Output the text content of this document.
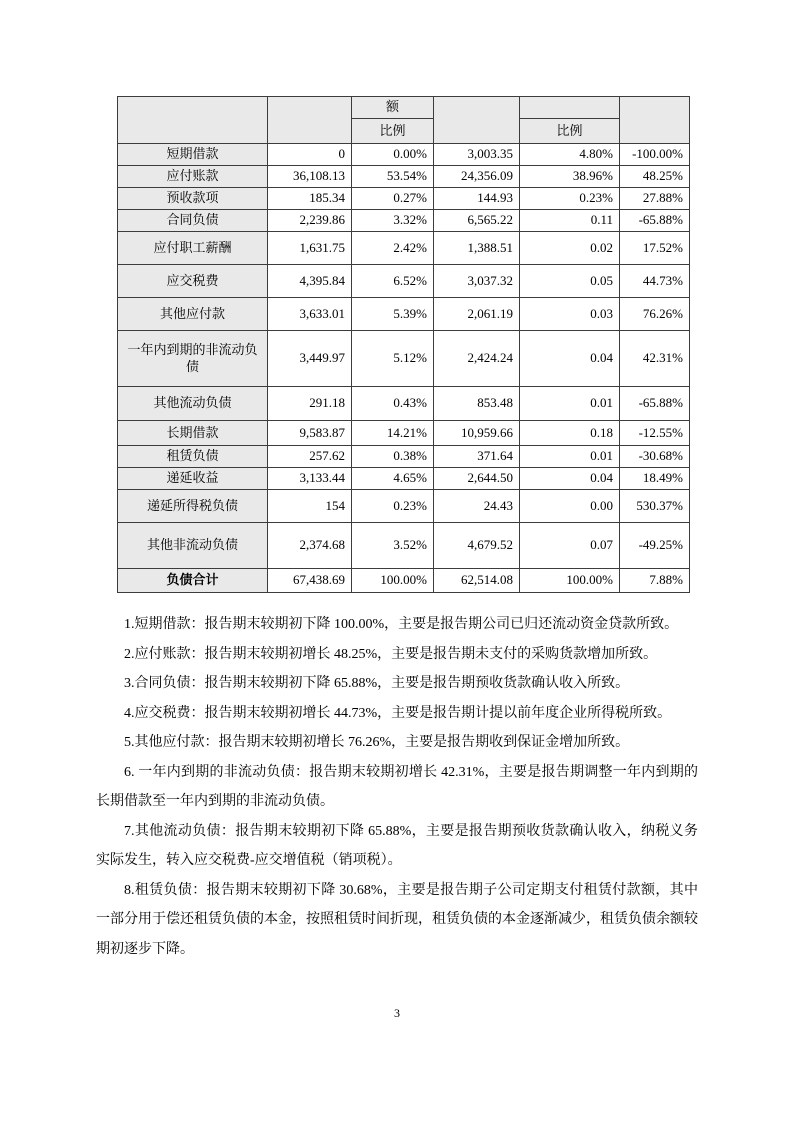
		额			
		比例		比例	
短期借款	0	0.00%	3,003.35	4.80%	-100.00%
应付账款	36,108.13	53.54%	24,356.09	38.96%	48.25%
预收款项	185.34	0.27%	144.93	0.23%	27.88%
合同负债	2,239.86	3.32%	6,565.22	0.11	-65.88%
应付职工薪酬	1,631.75	2.42%	1,388.51	0.02	17.52%
应交税费	4,395.84	6.52%	3,037.32	0.05	44.73%
其他应付款	3,633.01	5.39%	2,061.19	0.03	76.26%
一年内到期的非流动负债	3,449.97	5.12%	2,424.24	0.04	42.31%
其他流动负债	291.18	0.43%	853.48	0.01	-65.88%
长期借款	9,583.87	14.21%	10,959.66	0.18	-12.55%
租赁负债	257.62	0.38%	371.64	0.01	-30.68%
递延收益	3,133.44	4.65%	2,644.50	0.04	18.49%
递延所得税负债	154	0.23%	24.43	0.00	530.37%
其他非流动负债	2,374.68	3.52%	4,679.52	0.07	-49.25%
负债合计	67,438.69	100.00%	62,514.08	100.00%	7.88%

1.短期借款：报告期末较期初下降 100.00%，主要是报告期公司已归还流动资金贷款所致。

2.应付账款：报告期末较期初增长 48.25%，主要是报告期未支付的采购货款增加所致。

3.合同负债：报告期末较期初下降 65.88%，主要是报告期预收货款确认收入所致。

4.应交税费：报告期末较期初增长 44.73%，主要是报告期计提以前年度企业所得税所致。

5.其他应付款：报告期末较期初增长 76.26%，主要是报告期收到保证金增加所致。

6. 一年内到期的非流动负债：报告期末较期初增长 42.31%，主要是报告期调整一年内到期的长期借款至一年内到期的非流动负债。

7.其他流动负债：报告期末较期初下降 65.88%，主要是报告期预收货款确认收入，纳税义务实际发生，转入应交税费-应交增值税（销项税）。

8.租赁负债：报告期末较期初下降 30.68%，主要是报告期子公司定期支付租赁付款额，其中一部分用于偿还租赁负债的本金，按照租赁时间折现，租赁负债的本金逐渐减少，租赁负债余额较期初逐步下降。

3
